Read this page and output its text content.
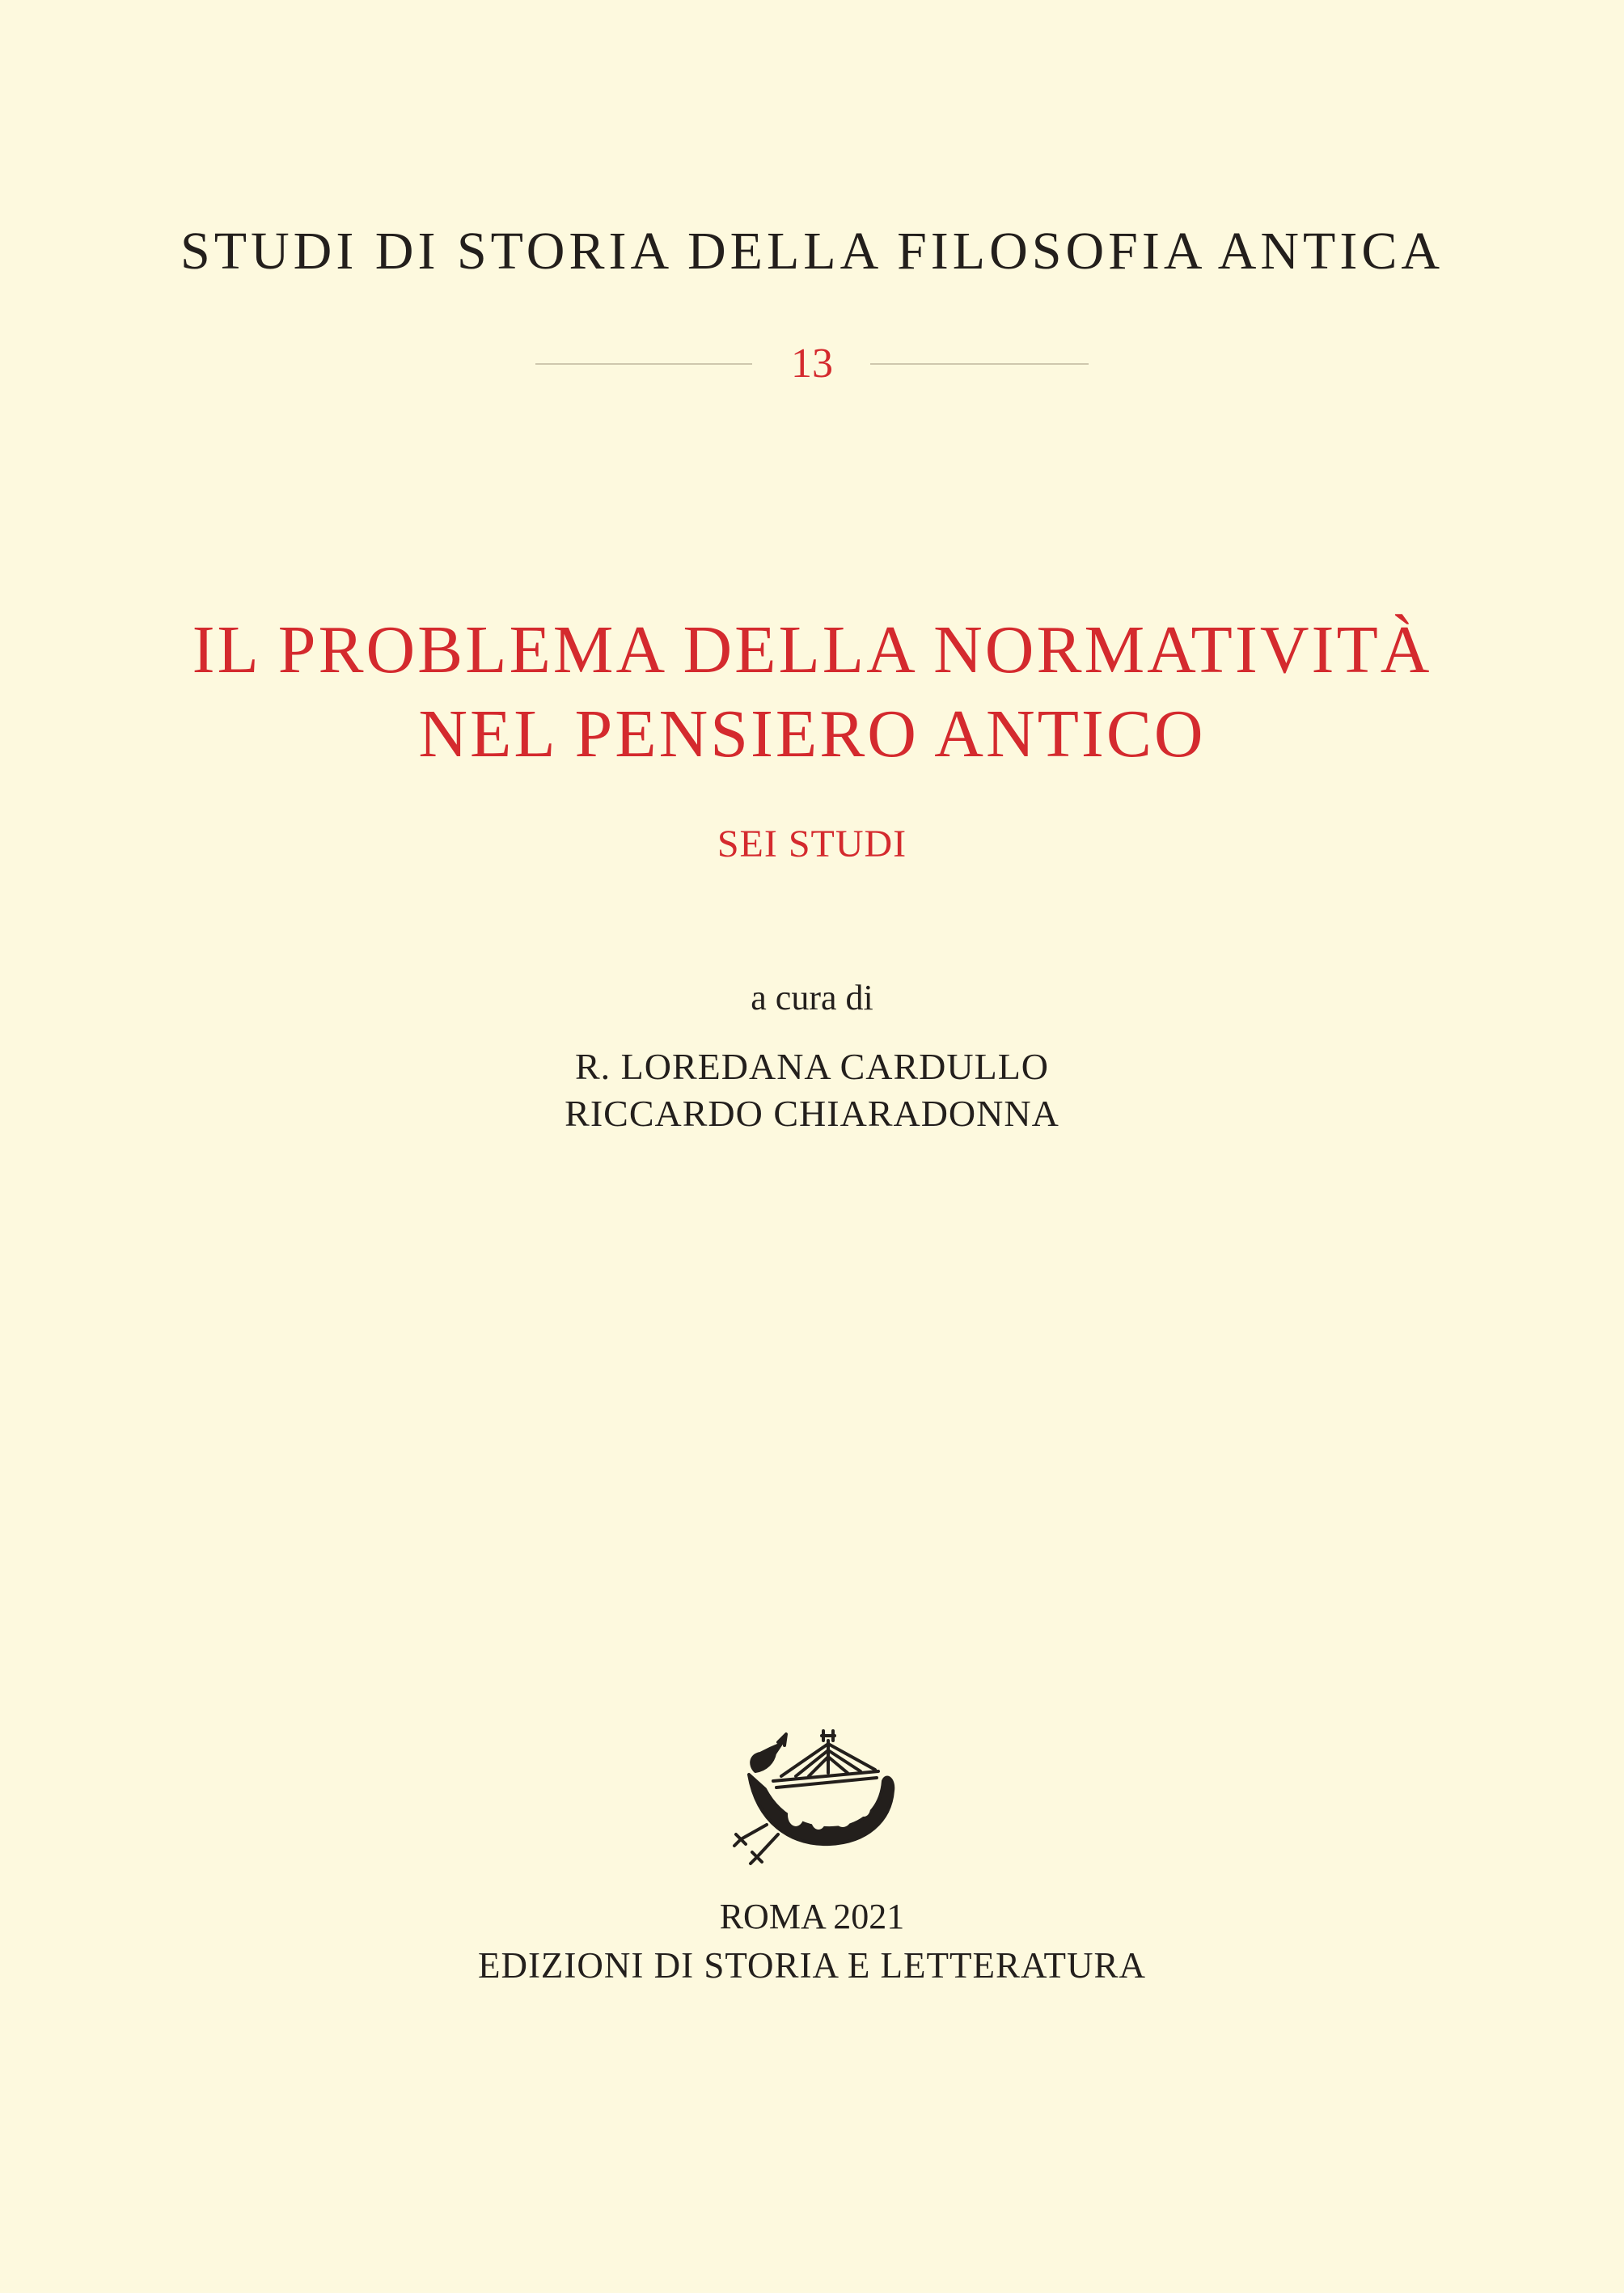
STUDI DI STORIA DELLA FILOSOFIA ANTICA
13
IL PROBLEMA DELLA NORMATIVITÀ
NEL PENSIERO ANTICO
SEI STUDI
a cura di
R. LOREDANA CARDULLO
RICCARDO CHIARADONNA
ROMA 2021
EDIZIONI DI STORIA E LETTERATURA
